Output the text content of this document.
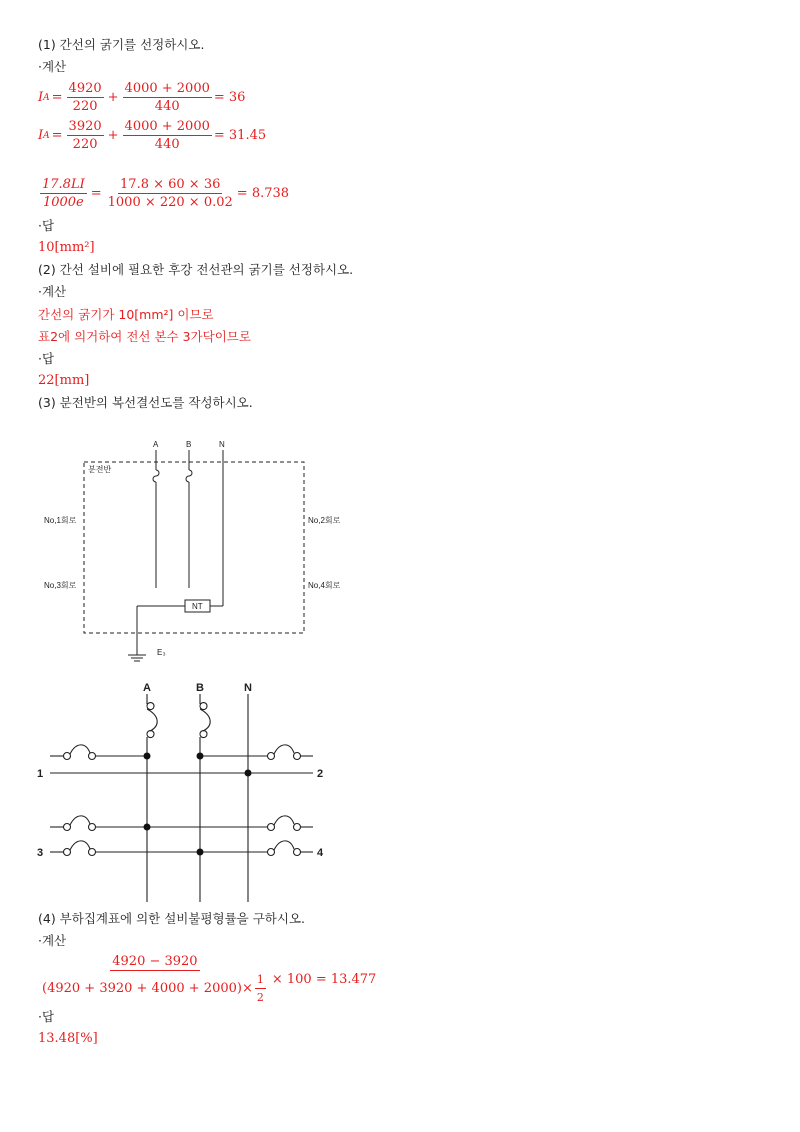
(1) 간선의 굵기를 선정하시오.
·계산
I $A = \frac{4920}{220} + \frac{4000 + 2000}{440} = 36$
I $A = \frac{3920}{220} + \frac{4000 + 2000}{440} = 31.45$
$\frac{17.8LI}{1000e} = \frac{17.8 \times 60 \times 36}{1000 \times 220 \times 0.02} = 8.738$
·답
10[mm²]
(2) 간선 설비에 필요한 후강 전선관의 굵기를 선정하시오.
·계산
간선의 굵기가 10[mm²] 이므로
표2에 의거하여 전선 본수 3가닥이므로
·답
22[mm]
(3) 분전반의 복선결선도를 작성하시오.
A	B	N
분전반
No,1회로	No,2회로
No,3회로	No,4회로
NT
E₃
A	B	N
1	2
3	4
(4) 부하집계표에 의한 설비불평형률을 구하시오.
·계산
$\frac{4920 - 3920}{(4920 + 3920 + 4000 + 2000)\times \frac{1}{2}} \times 100 = 13.477$
·답
13.48[%]
